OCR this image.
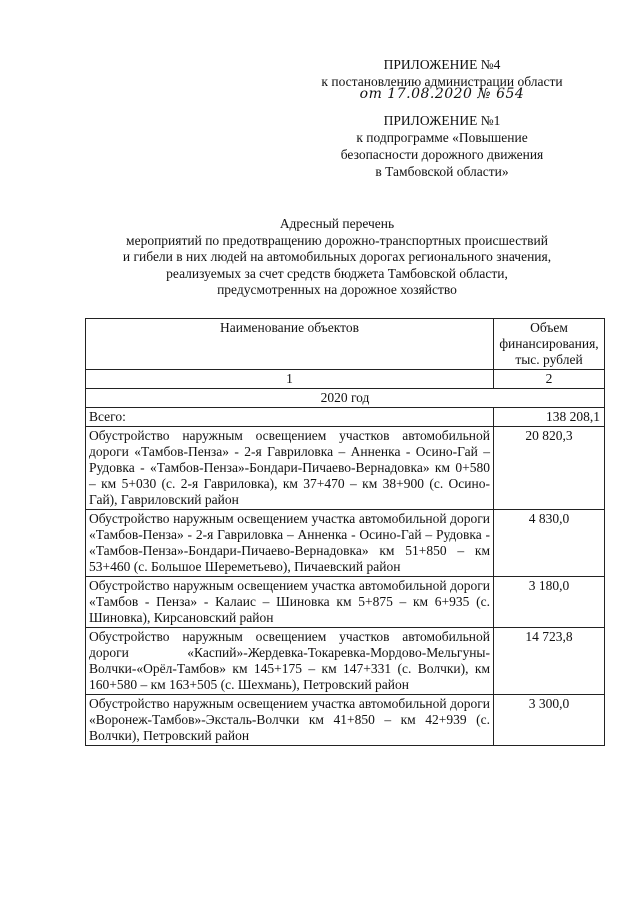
ПРИЛОЖЕНИЕ №4
к постановлению администрации области
от 17.08.2020 № 654
ПРИЛОЖЕНИЕ №1
к подпрограмме «Повышение
безопасности дорожного движения
в Тамбовской области»
Адресный перечень
мероприятий по предотвращению дорожно-транспортных происшествий
и гибели в них людей на автомобильных дорогах регионального значения,
реализуемых за счет средств бюджета Тамбовской области,
предусмотренных на дорожное хозяйство
Наименование объектов	Объем финансирования, тыс. рублей
1	2
2020 год	
Всего:	138 208,1
Обустройство наружным освещением участков автомобильной дороги «Тамбов-Пенза» - 2-я Гавриловка – Анненка - Осино-Гай – Рудовка - «Тамбов-Пенза»-Бондари-Пичаево-Вернадовка» км 0+580 – км 5+030 (с. 2-я Гавриловка), км 37+470 – км 38+900 (с. Осино-Гай), Гавриловский район	20 820,3
Обустройство наружным освещением участка автомобильной дороги «Тамбов-Пенза» - 2-я Гавриловка – Анненка - Осино-Гай – Рудовка - «Тамбов-Пенза»-Бондари-Пичаево-Вернадовка» км 51+850 – км 53+460 (с. Большое Шереметьево), Пичаевский район	4 830,0
Обустройство наружным освещением участка автомобильной дороги «Тамбов - Пенза» - Калаис – Шиновка км 5+875 – км 6+935 (с. Шиновка), Кирсановский район	3 180,0
Обустройство наружным освещением участков автомобильной дороги «Каспий»-Жердевка-Токаревка-Мордово-Мельгуны-Волчки-«Орёл-Тамбов» км 145+175 – км 147+331 (с. Волчки), км 160+580 – км 163+505 (с. Шехмань), Петровский район	14 723,8
Обустройство наружным освещением участка автомобильной дороги «Воронеж-Тамбов»-Эксталь-Волчки км 41+850 – км 42+939 (с. Волчки), Петровский район	3 300,0
